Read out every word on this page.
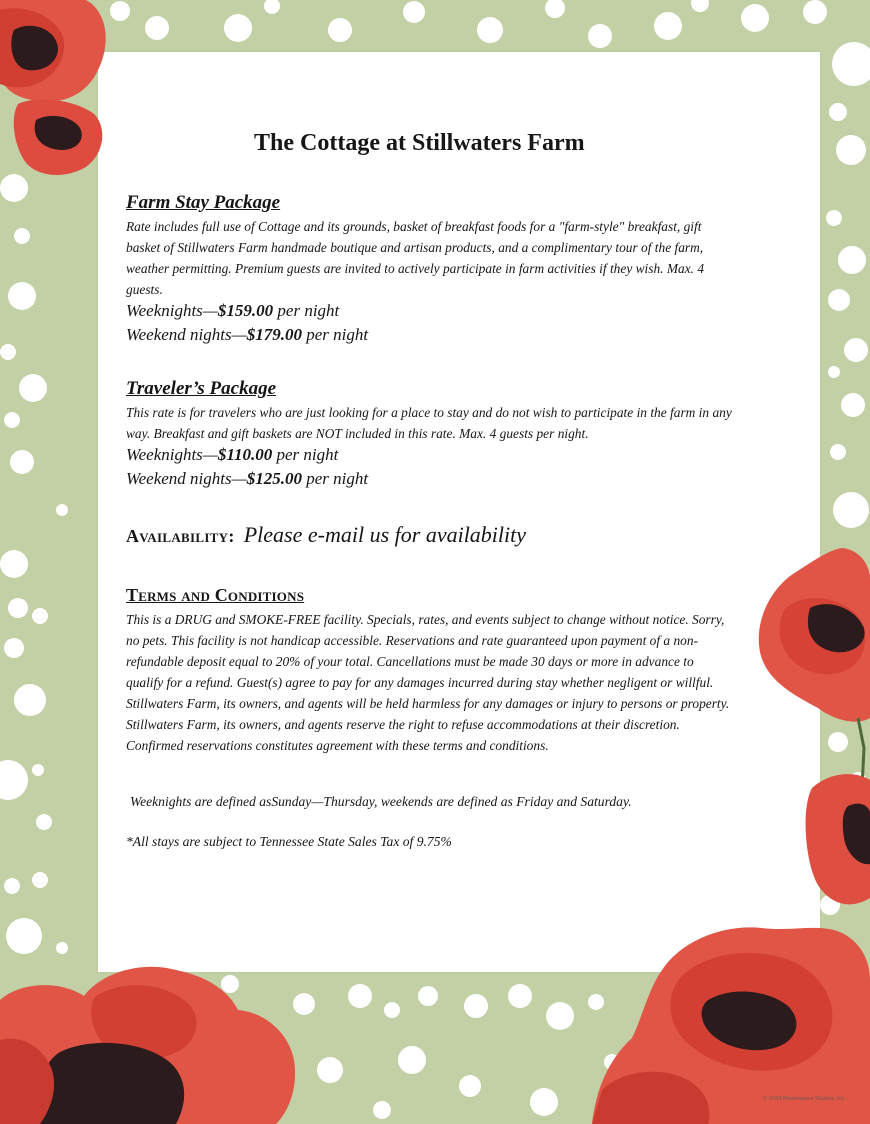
The Cottage at Stillwaters Farm
Farm Stay Package
Rate includes full use of Cottage and its grounds, basket of breakfast foods for a "farm-style" breakfast, gift basket of Stillwaters Farm handmade boutique and artisan products, and a complimentary tour of the farm, weather permitting. Premium guests are invited to actively participate in farm activities if they wish. Max. 4 guests.
Weeknights—$159.00 per night
Weekend nights—$179.00 per night
Traveler’s Package
This rate is for travelers who are just looking for a place to stay and do not wish to participate in the farm in any way. Breakfast and gift baskets are NOT included in this rate. Max. 4 guests per night.
Weeknights—$110.00 per night
Weekend nights—$125.00 per night
Availability: Please e-mail us for availability
Terms and Conditions
This is a DRUG and SMOKE-FREE facility. Specials, rates, and events subject to change without notice. Sorry, no pets. This facility is not handicap accessible. Reservations and rate guaranteed upon payment of a non-refundable deposit equal to 20% of your total. Cancellations must be made 30 days or more in advance to qualify for a refund. Guest(s) agree to pay for any damages incurred during stay whether negligent or willful. Stillwaters Farm, its owners, and agents will be held harmless for any damages or injury to persons or property. Stillwaters Farm, its owners, and agents reserve the right to refuse accommodations at their discretion. Confirmed reservations constitutes agreement with these terms and conditions.
Weeknights are defined asSunday—Thursday, weekends are defined as Friday and Saturday.
*All stays are subject to Tennessee State Sales Tax of 9.75%
© 2009 Masterpiece Studios, Inc.
